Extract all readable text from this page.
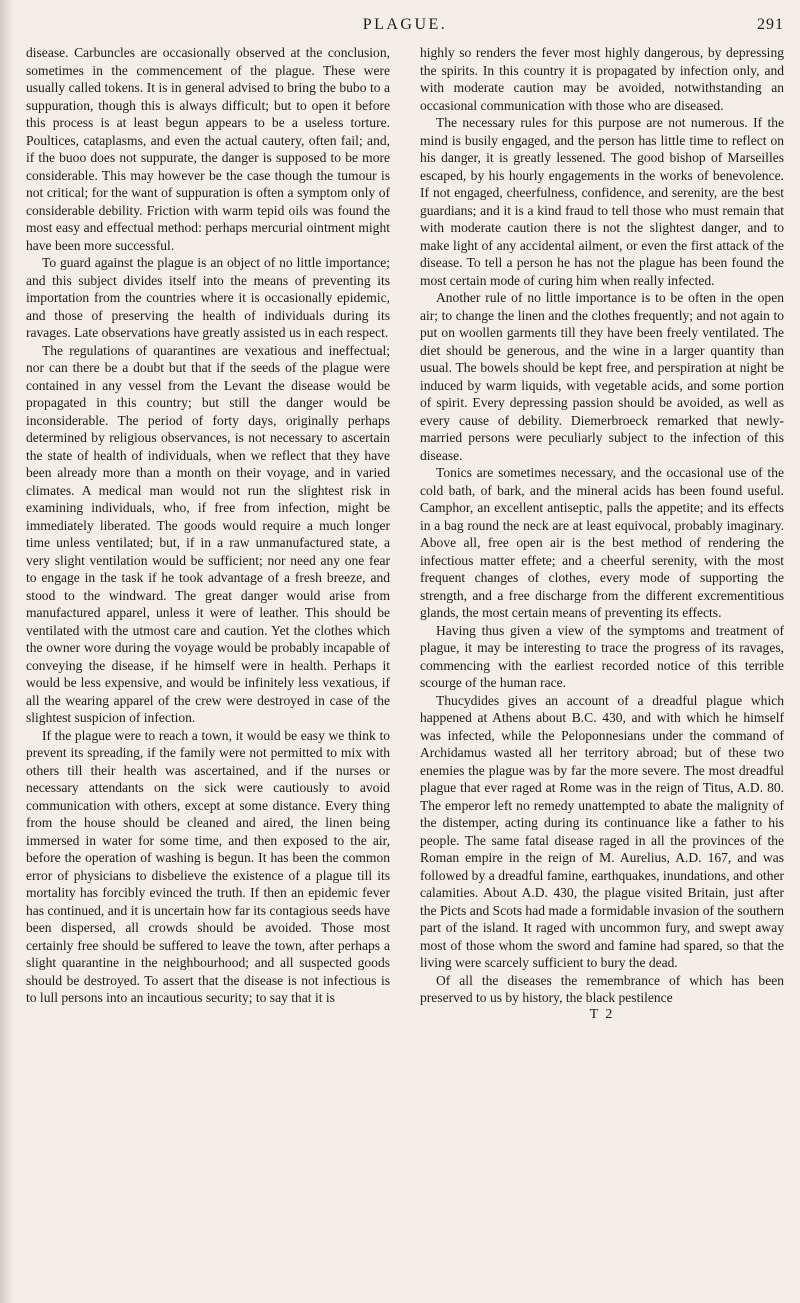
PLAGUE.	291

disease. Carbuncles are occasionally observed at the conclusion, sometimes in the commencement of the plague. These were usually called tokens. It is in general advised to bring the bubo to a suppuration, though this is always difficult; but to open it before this process is at least begun appears to be a useless torture. Poultices, cataplasms, and even the actual cautery, often fail; and, if the buoo does not suppurate, the danger is supposed to be more considerable. This may however be the case though the tumour is not critical; for the want of suppuration is often a symptom only of considerable debility. Friction with warm tepid oils was found the most easy and effectual method: perhaps mercurial ointment might have been more successful.

To guard against the plague is an object of no little importance; and this subject divides itself into the means of preventing its importation from the countries where it is occasionally epidemic, and those of preserving the health of individuals during its ravages. Late observations have greatly assisted us in each respect.

The regulations of quarantines are vexatious and ineffectual; nor can there be a doubt but that if the seeds of the plague were contained in any vessel from the Levant the disease would be propagated in this country; but still the danger would be inconsiderable. The period of forty days, originally perhaps determined by religious observances, is not necessary to ascertain the state of health of individuals, when we reflect that they have been already more than a month on their voyage, and in varied climates. A medical man would not run the slightest risk in examining individuals, who, if free from infection, might be immediately liberated. The goods would require a much longer time unless ventilated; but, if in a raw unmanufactured state, a very slight ventilation would be sufficient; nor need any one fear to engage in the task if he took advantage of a fresh breeze, and stood to the windward. The great danger would arise from manufactured apparel, unless it were of leather. This should be ventilated with the utmost care and caution. Yet the clothes which the owner wore during the voyage would be probably incapable of conveying the disease, if he himself were in health. Perhaps it would be less expensive, and would be infinitely less vexatious, if all the wearing apparel of the crew were destroyed in case of the slightest suspicion of infection.

If the plague were to reach a town, it would be easy we think to prevent its spreading, if the family were not permitted to mix with others till their health was ascertained, and if the nurses or necessary attendants on the sick were cautiously to avoid communication with others, except at some distance. Every thing from the house should be cleaned and aired, the linen being immersed in water for some time, and then exposed to the air, before the operation of washing is begun. It has been the common error of physicians to disbelieve the existence of a plague till its mortality has forcibly evinced the truth. If then an epidemic fever has continued, and it is uncertain how far its contagious seeds have been dispersed, all crowds should be avoided. Those most certainly free should be suffered to leave the town, after perhaps a slight quarantine in the neighbourhood; and all suspected goods should be destroyed. To assert that the disease is not infectious is to lull persons into an incautious security; to say that it is

highly so renders the fever most highly dangerous, by depressing the spirits. In this country it is propagated by infection only, and with moderate caution may be avoided, notwithstanding an occasional communication with those who are diseased.

The necessary rules for this purpose are not numerous. If the mind is busily engaged, and the person has little time to reflect on his danger, it is greatly lessened. The good bishop of Marseilles escaped, by his hourly engagements in the works of benevolence. If not engaged, cheerfulness, confidence, and serenity, are the best guardians; and it is a kind fraud to tell those who must remain that with moderate caution there is not the slightest danger, and to make light of any accidental ailment, or even the first attack of the disease. To tell a person he has not the plague has been found the most certain mode of curing him when really infected.

Another rule of no little importance is to be often in the open air; to change the linen and the clothes frequently; and not again to put on woollen garments till they have been freely ventilated. The diet should be generous, and the wine in a larger quantity than usual. The bowels should be kept free, and perspiration at night be induced by warm liquids, with vegetable acids, and some portion of spirit. Every depressing passion should be avoided, as well as every cause of debility. Diemerbroeck remarked that newly-married persons were peculiarly subject to the infection of this disease.

Tonics are sometimes necessary, and the occasional use of the cold bath, of bark, and the mineral acids has been found useful. Camphor, an excellent antiseptic, palls the appetite; and its effects in a bag round the neck are at least equivocal, probably imaginary. Above all, free open air is the best method of rendering the infectious matter effete; and a cheerful serenity, with the most frequent changes of clothes, every mode of supporting the strength, and a free discharge from the different excrementitious glands, the most certain means of preventing its effects.

Having thus given a view of the symptoms and treatment of plague, it may be interesting to trace the progress of its ravages, commencing with the earliest recorded notice of this terrible scourge of the human race.

Thucydides gives an account of a dreadful plague which happened at Athens about B.C. 430, and with which he himself was infected, while the Peloponnesians under the command of Archidamus wasted all her territory abroad; but of these two enemies the plague was by far the more severe. The most dreadful plague that ever raged at Rome was in the reign of Titus, A.D. 80. The emperor left no remedy unattempted to abate the malignity of the distemper, acting during its continuance like a father to his people. The same fatal disease raged in all the provinces of the Roman empire in the reign of M. Aurelius, A.D. 167, and was followed by a dreadful famine, earthquakes, inundations, and other calamities. About A.D. 430, the plague visited Britain, just after the Picts and Scots had made a formidable invasion of the southern part of the island. It raged with uncommon fury, and swept away most of those whom the sword and famine had spared, so that the living were scarcely sufficient to bury the dead.

Of all the diseases the remembrance of which has been preserved to us by history, the black pestilence

T 2
